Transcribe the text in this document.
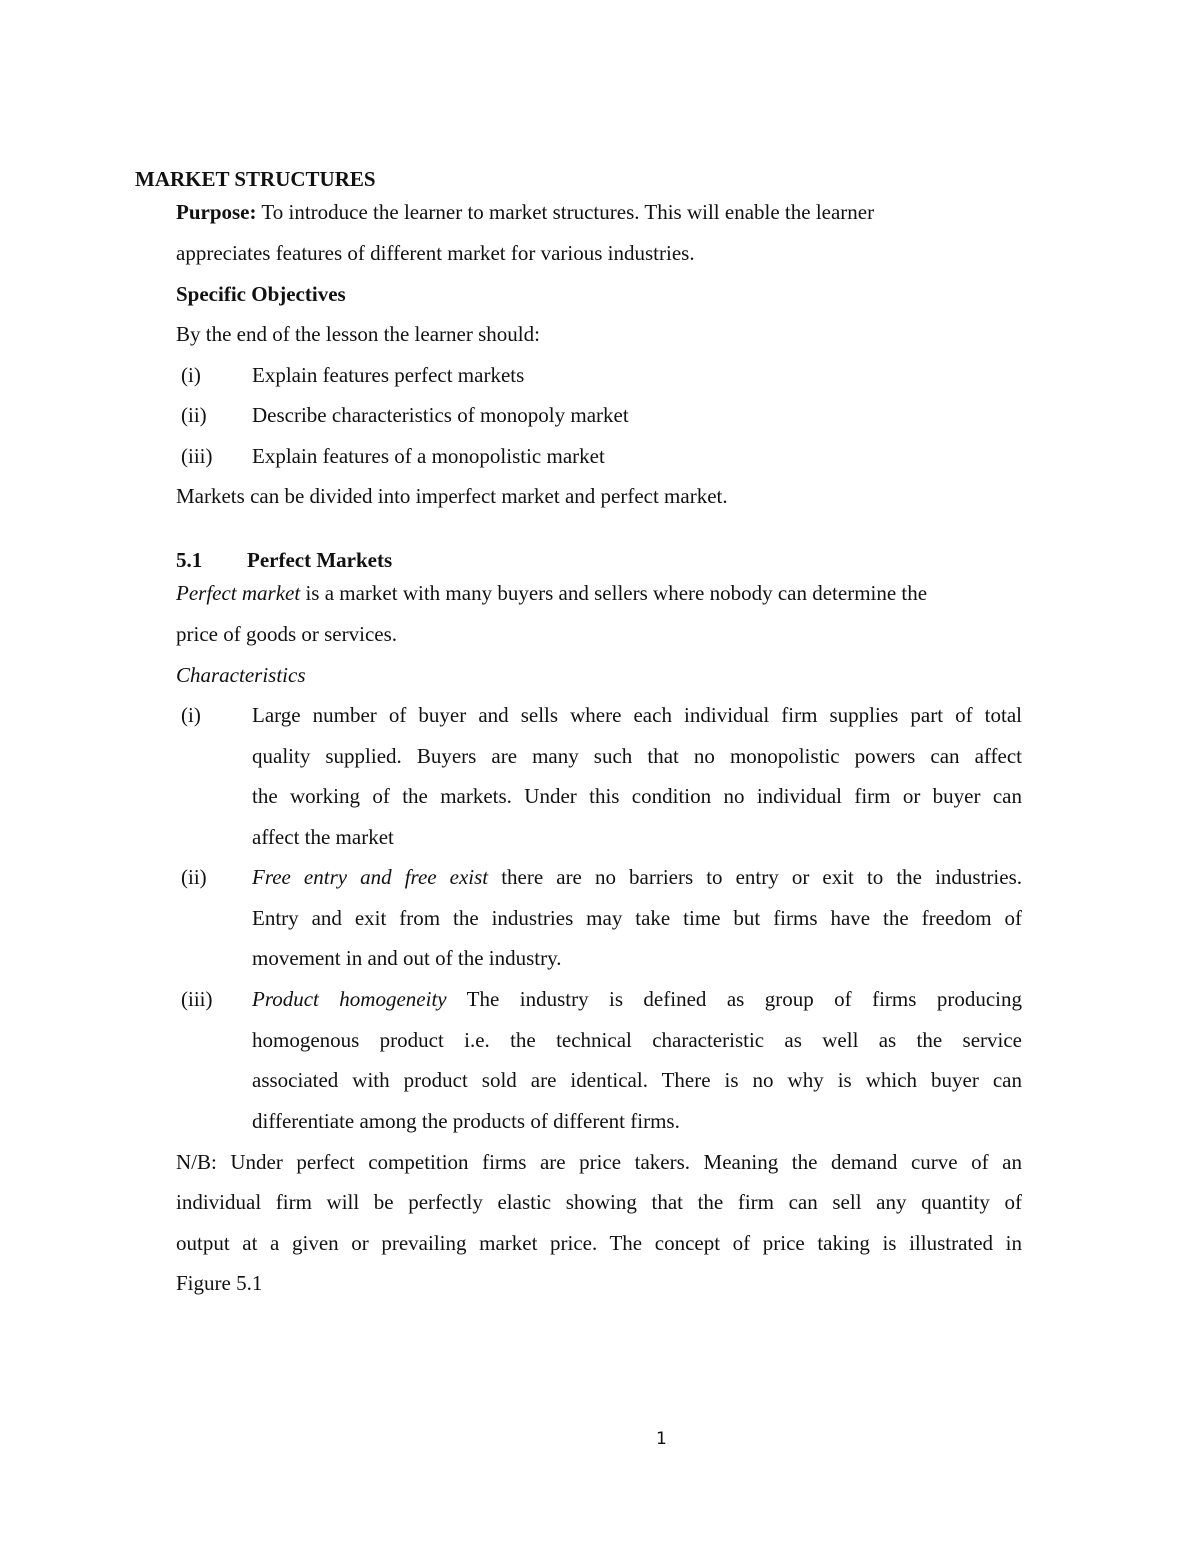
MARKET STRUCTURES
Purpose: To introduce the learner to market structures. This will enable the learner
appreciates features of different market for various industries.
Specific Objectives
By the end of the lesson the learner should:
(i) Explain features perfect markets
(ii) Describe characteristics of monopoly market
(iii) Explain features of a monopolistic market
Markets can be divided into imperfect market and perfect market.
5.1 Perfect Markets
Perfect market is a market with many buyers and sellers where nobody can determine the
price of goods or services.
Characteristics
(i) Large number of buyer and sells where each individual firm supplies part of total
quality supplied. Buyers are many such that no monopolistic powers can affect
the working of the markets. Under this condition no individual firm or buyer can
affect the market
(ii) Free entry and free exist there are no barriers to entry or exit to the industries.
Entry and exit from the industries may take time but firms have the freedom of
movement in and out of the industry.
(iii) Product homogeneity The industry is defined as group of firms producing
homogenous product i.e. the technical characteristic as well as the service
associated with product sold are identical. There is no why is which buyer can
differentiate among the products of different firms.
N/B: Under perfect competition firms are price takers. Meaning the demand curve of an
individual firm will be perfectly elastic showing that the firm can sell any quantity of
output at a given or prevailing market price. The concept of price taking is illustrated in
Figure 5.1
1
